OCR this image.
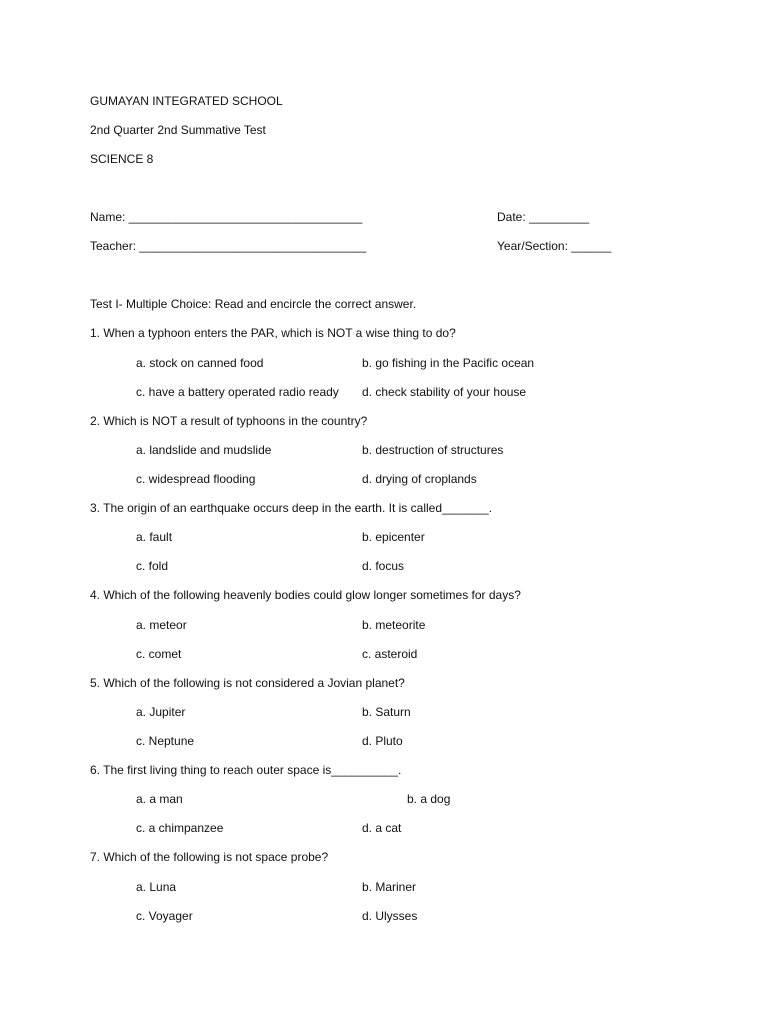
GUMAYAN INTEGRATED SCHOOL
2nd Quarter 2nd Summative Test
SCIENCE 8
Name: ___________________________________	Date: _________
Teacher: __________________________________	Year/Section: ______
Test I- Multiple Choice: Read and encircle the correct answer.
1. When a typhoon enters the PAR, which is NOT a wise thing to do?
a. stock on canned food	b. go fishing in the Pacific ocean
c. have a battery operated radio ready d. check stability of your house
2. Which is NOT a result of typhoons in the country?
a. landslide and mudslide	b. destruction of structures
c. widespread flooding	d. drying of croplands
3. The origin of an earthquake occurs deep in the earth. It is called_______.
a. fault	b. epicenter
c. fold	d. focus
4. Which of the following heavenly bodies could glow longer sometimes for days?
a. meteor	b. meteorite
c. comet	c. asteroid
5. Which of the following is not considered a Jovian planet?
a. Jupiter	b. Saturn
c. Neptune	d. Pluto
6. The first living thing to reach outer space is__________.
a. a man	b. a dog
c. a chimpanzee	d. a cat
7. Which of the following is not space probe?
a. Luna	b. Mariner
c. Voyager	d. Ulysses
